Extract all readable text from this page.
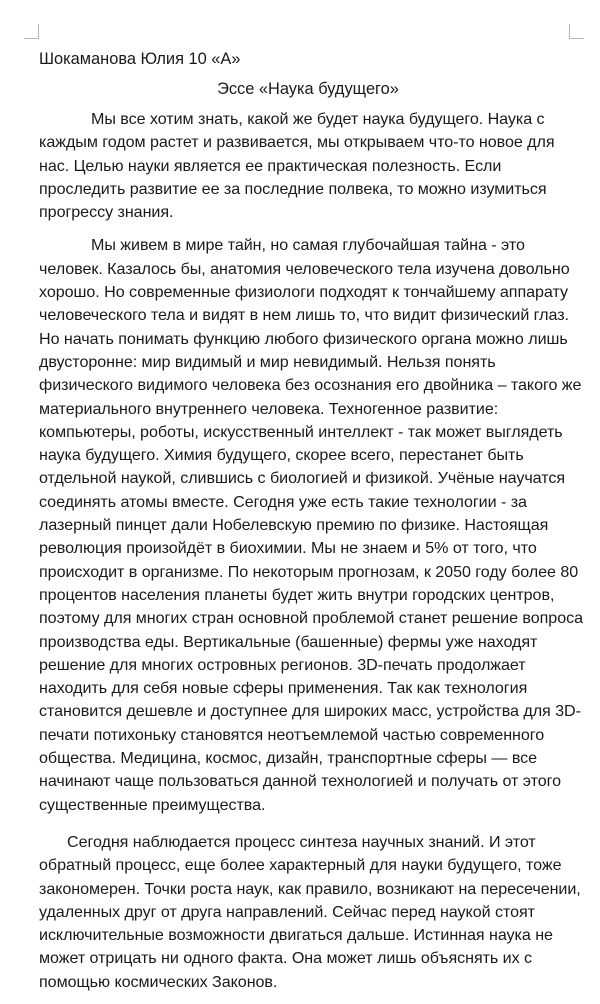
Шокаманова Юлия 10 «А»
Эссе «Наука будущего»

Мы все хотим знать, какой же будет наука будущего. Наука с каждым годом растет и развивается, мы открываем что-то новое для нас. Целью науки является ее практическая полезность. Если проследить развитие ее за последние полвека, то можно изумиться прогрессу знания.

Мы живем в мире тайн, но самая глубочайшая тайна - это человек. Казалось бы, анатомия человеческого тела изучена довольно хорошо. Но современные физиологи подходят к тончайшему аппарату человеческого тела и видят в нем лишь то, что видит физический глаз. Но начать понимать функцию любого физического органа можно лишь двусторонне: мир видимый и мир невидимый. Нельзя понять физического видимого человека без осознания его двойника – такого же материального внутреннего человека. Техногенное развитие: компьютеры, роботы, искусственный интеллект - так может выглядеть наука будущего. Химия будущего, скорее всего, перестанет быть отдельной наукой, слившись с биологией и физикой. Учёные научатся соединять атомы вместе. Сегодня уже есть такие технологии - за лазерный пинцет дали Нобелевскую премию по физике. Настоящая революция произойдёт в биохимии. Мы не знаем и 5% от того, что происходит в организме. По некоторым прогнозам, к 2050 году более 80 процентов населения планеты будет жить внутри городских центров, поэтому для многих стран основной проблемой станет решение вопроса производства еды. Вертикальные (башенные) фермы уже находят решение для многих островных регионов. 3D-печать продолжает находить для себя новые сферы применения. Так как технология становится дешевле и доступнее для широких масс, устройства для 3D-печати потихоньку становятся неотъемлемой частью современного общества. Медицина, космос, дизайн, транспортные сферы — все начинают чаще пользоваться данной технологией и получать от этого существенные преимущества.

Сегодня наблюдается процесс синтеза научных знаний. И этот обратный процесс, еще более характерный для науки будущего, тоже закономерен. Точки роста наук, как правило, возникают на пересечении, удаленных друг от друга направлений. Сейчас перед наукой стоят исключительные возможности двигаться дальше. Истинная наука не может отрицать ни одного факта. Она может лишь объяснять их с помощью космических Законов.
